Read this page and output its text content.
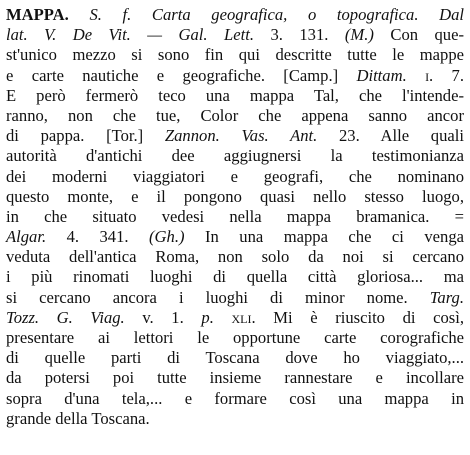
MAPPA. S. f. Carta geografica, o topografica. Dal
lat. V. De Vit. — Gal. Lett. 3. 131. (M.) Con que-
st'unico mezzo si sono fin qui descritte tutte le mappe
e carte nautiche e geografiche. [Camp.] Dittam. i. 7.
E però fermerò teco una mappa Tal, che l'intende-
ranno, non che tue, Color che appena sanno ancor
di pappa. [Tor.] Zannon. Vas. Ant. 23. Alle quali
autorità d'antichi dee aggiugnersi la testimonianza
dei moderni viaggiatori e geografi, che nominano
questo monte, e il pongono quasi nello stesso luogo,
in che situato vedesi nella mappa bramanica. =
Algar. 4. 341. (Gh.) In una mappa che ci venga
veduta dell'antica Roma, non solo da noi si cercano
i più rinomati luoghi di quella città gloriosa... ma
si cercano ancora i luoghi di minor nome. Targ.
Tozz. G. Viag. v. 1. p. xli. Mi è riuscito di così,
presentare ai lettori le opportune carte corografiche
di quelle parti di Toscana dove ho viaggiato,...
da potersi poi tutte insieme rannestare e incollare
sopra d'una tela,... e formare così una mappa in
grande della Toscana.
